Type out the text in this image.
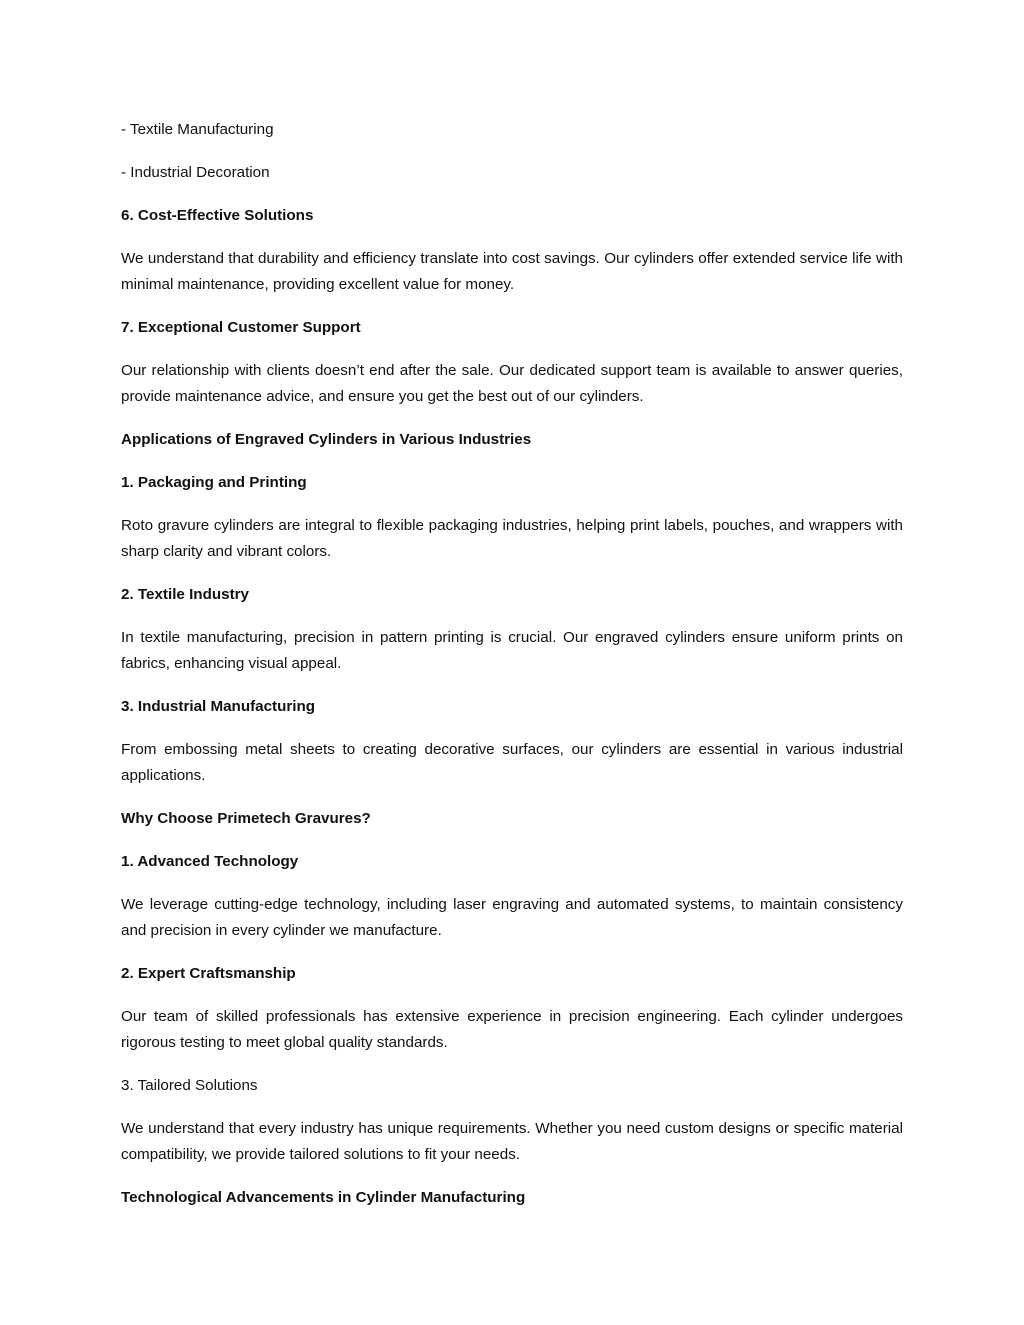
- Textile Manufacturing

- Industrial Decoration

6. Cost-Effective Solutions

We understand that durability and efficiency translate into cost savings. Our cylinders offer extended service life with minimal maintenance, providing excellent value for money.

7. Exceptional Customer Support

Our relationship with clients doesn’t end after the sale. Our dedicated support team is available to answer queries, provide maintenance advice, and ensure you get the best out of our cylinders.

Applications of Engraved Cylinders in Various Industries

1. Packaging and Printing

Roto gravure cylinders are integral to flexible packaging industries, helping print labels, pouches, and wrappers with sharp clarity and vibrant colors.

2. Textile Industry

In textile manufacturing, precision in pattern printing is crucial. Our engraved cylinders ensure uniform prints on fabrics, enhancing visual appeal.

3. Industrial Manufacturing

From embossing metal sheets to creating decorative surfaces, our cylinders are essential in various industrial applications.

Why Choose Primetech Gravures?

1. Advanced Technology

We leverage cutting-edge technology, including laser engraving and automated systems, to maintain consistency and precision in every cylinder we manufacture.

2. Expert Craftsmanship

Our team of skilled professionals has extensive experience in precision engineering. Each cylinder undergoes rigorous testing to meet global quality standards.

3. Tailored Solutions

We understand that every industry has unique requirements. Whether you need custom designs or specific material compatibility, we provide tailored solutions to fit your needs.

Technological Advancements in Cylinder Manufacturing
